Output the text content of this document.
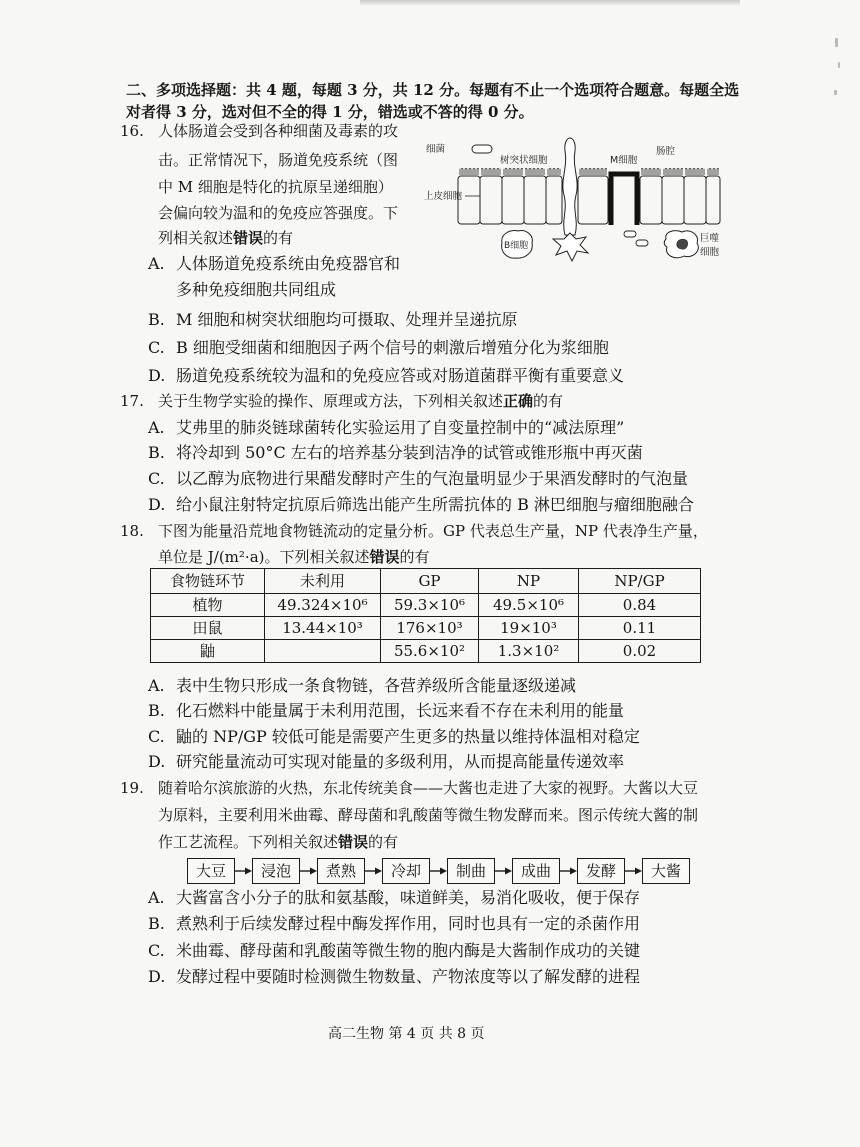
二、多项选择题：共 4 题，每题 3 分，共 12 分。每题有不止一个选项符合题意。每题全选
对者得 3 分，选对但不全的得 1 分，错选或不答的得 0 分。
16. 人体肠道会受到各种细菌及毒素的攻
击。正常情况下，肠道免疫系统（图
中 M 细胞是特化的抗原呈递细胞）
会偏向较为温和的免疫应答强度。下
列相关叙述错误的有
A. 人体肠道免疫系统由免疫器官和
多种免疫细胞共同组成
B. M 细胞和树突状细胞均可摄取、处理并呈递抗原
C. B 细胞受细菌和细胞因子两个信号的刺激后增殖分化为浆细胞
D. 肠道免疫系统较为温和的免疫应答或对肠道菌群平衡有重要意义
细菌
树突状细胞	M细胞
肠腔
上皮细胞
B细胞
巨噬
细胞
17. 关于生物学实验的操作、原理或方法，下列相关叙述正确的有
A. 艾弗里的肺炎链球菌转化实验运用了自变量控制中的“减法原理”
B. 将冷却到 50°C 左右的培养基分装到洁净的试管或锥形瓶中再灭菌
C. 以乙醇为底物进行果醋发酵时产生的气泡量明显少于果酒发酵时的气泡量
D. 给小鼠注射特定抗原后筛选出能产生所需抗体的 B 淋巴细胞与瘤细胞融合
18. 下图为能量沿荒地食物链流动的定量分析。GP 代表总生产量，NP 代表净生产量，
单位是 J/(m²·a)。下列相关叙述错误的有
食物链环节	未利用	GP	NP	NP/GP
植物	49.324×10⁶	59.3×10⁶	49.5×10⁶	0.84
田鼠	13.44×10³	176×10³	19×10³	0.11
鼬		55.6×10²	1.3×10²	0.02
A. 表中生物只形成一条食物链，各营养级所含能量逐级递减
B. 化石燃料中能量属于未利用范围，长远来看不存在未利用的能量
C. 鼬的 NP/GP 较低可能是需要产生更多的热量以维持体温相对稳定
D. 研究能量流动可实现对能量的多级利用，从而提高能量传递效率
19. 随着哈尔滨旅游的火热，东北传统美食——大酱也走进了大家的视野。大酱以大豆
为原料，主要利用米曲霉、酵母菌和乳酸菌等微生物发酵而来。图示传统大酱的制
作工艺流程。下列相关叙述错误的有
大豆	浸泡	煮熟	冷却	制曲	成曲	发酵	大酱
A. 大酱富含小分子的肽和氨基酸，味道鲜美，易消化吸收，便于保存
B. 煮熟利于后续发酵过程中酶发挥作用，同时也具有一定的杀菌作用
C. 米曲霉、酵母菌和乳酸菌等微生物的胞内酶是大酱制作成功的关键
D. 发酵过程中要随时检测微生物数量、产物浓度等以了解发酵的进程
高二生物 第 4 页 共 8 页
